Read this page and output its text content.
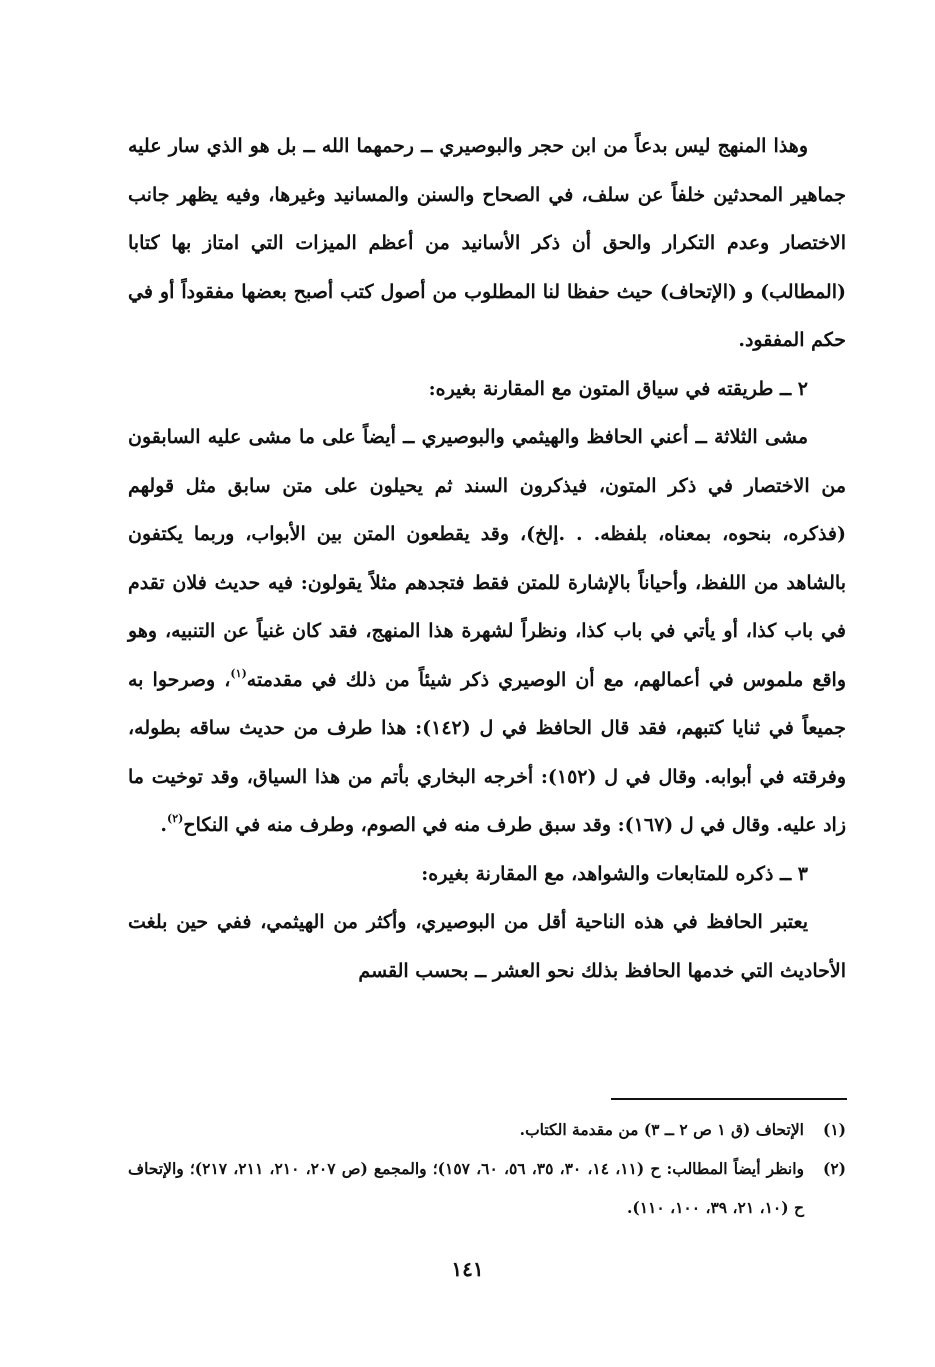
وهذا المنهج ليس بدعاً من ابن حجر والبوصيري ــ رحمهما الله ــ بل هو الذي سار عليه جماهير المحدثين خلفاً عن سلف، في الصحاح والسنن والمسانيد وغيرها، وفيه يظهر جانب الاختصار وعدم التكرار والحق أن ذكر الأسانيد من أعظم الميزات التي امتاز بها كتابا (المطالب) و (الإتحاف) حيث حفظا لنا المطلوب من أصول كتب أصبح بعضها مفقوداً أو في حكم المفقود.

٢ ــ طريقته في سياق المتون مع المقارنة بغيره:

مشى الثلاثة ــ أعني الحافظ والهيثمي والبوصيري ــ أيضاً على ما مشى عليه السابقون من الاختصار في ذكر المتون، فيذكرون السند ثم يحيلون على متن سابق مثل قولهم (فذكره، بنحوه، بمعناه، بلفظه. . .إلخ)، وقد يقطعون المتن بين الأبواب، وربما يكتفون بالشاهد من اللفظ، وأحياناً بالإشارة للمتن فقط فتجدهم مثلاً يقولون: فيه حديث فلان تقدم في باب كذا، أو يأتي في باب كذا، ونظراً لشهرة هذا المنهج، فقد كان غنياً عن التنبيه، وهو واقع ملموس في أعمالهم، مع أن الوصيري ذكر شيئاً من ذلك في مقدمته$^{(١)}$، وصرحوا به جميعاً في ثنايا كتبهم، فقد قال الحافظ في ل (١٤٢): هذا طرف من حديث ساقه بطوله، وفرقته في أبوابه. وقال في ل (١٥٢): أخرجه البخاري بأتم من هذا السياق، وقد توخيت ما زاد عليه. وقال في ل (١٦٧): وقد سبق طرف منه في الصوم، وطرف منه في النكاح$^{(٢)}$.

٣ ــ ذكره للمتابعات والشواهد، مع المقارنة بغيره:

يعتبر الحافظ في هذه الناحية أقل من البوصيري، وأكثر من الهيثمي، ففي حين بلغت الأحاديث التي خدمها الحافظ بذلك نحو العشر ــ بحسب القسم

(١)
الإتحاف (ق ١ ص ٢ ــ ٣) من مقدمة الكتاب.
(٢)
وانظر أيضاً المطالب: ح (١١، ١٤، ٣٠، ٣٥، ٥٦، ٦٠، ١٥٧)؛ والمجمع (ص ٢٠٧، ٢١٠، ٢١١، ٢١٧)؛ والإتحاف ح (١٠، ٢١، ٣٩، ١٠٠، ١١٠).
١٤١
